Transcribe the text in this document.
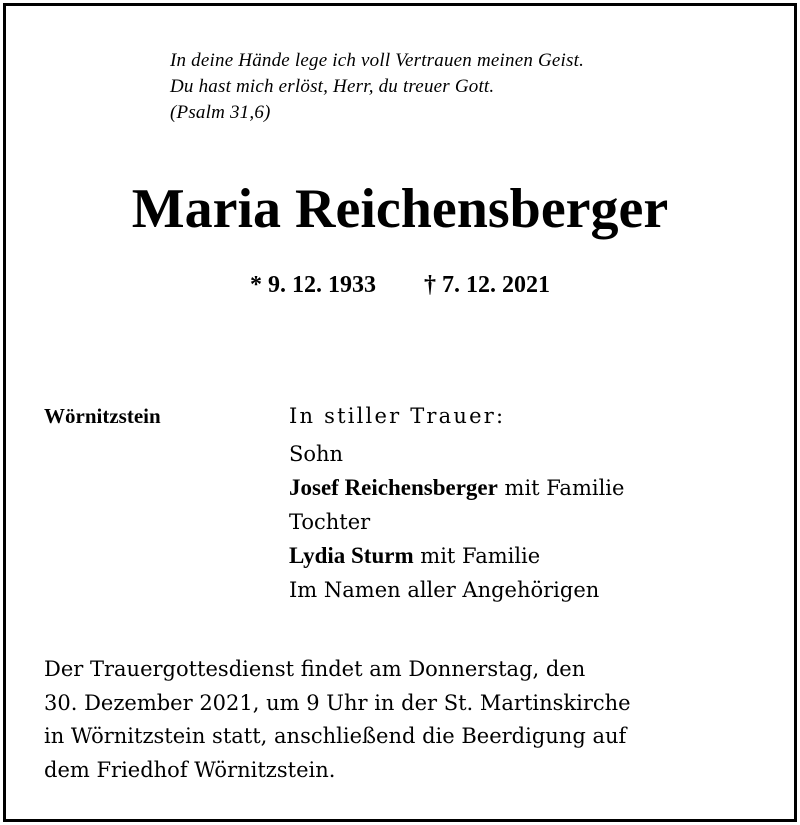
In deine Hände lege ich voll Vertrauen meinen Geist.
Du hast mich erlöst, Herr, du treuer Gott.
(Psalm 31,6)
Maria Reichensberger
* 9. 12. 1933 † 7. 12. 2021
Wörnitzstein	In stiller Trauer:
Sohn
Josef Reichensberger mit Familie
Tochter
Lydia Sturm mit Familie
Im Namen aller Angehörigen
Der Trauergottesdienst findet am Donnerstag, den
30. Dezember 2021, um 9 Uhr in der St. Martinskirche
in Wörnitzstein statt, anschließend die Beerdigung auf
dem Friedhof Wörnitzstein.
